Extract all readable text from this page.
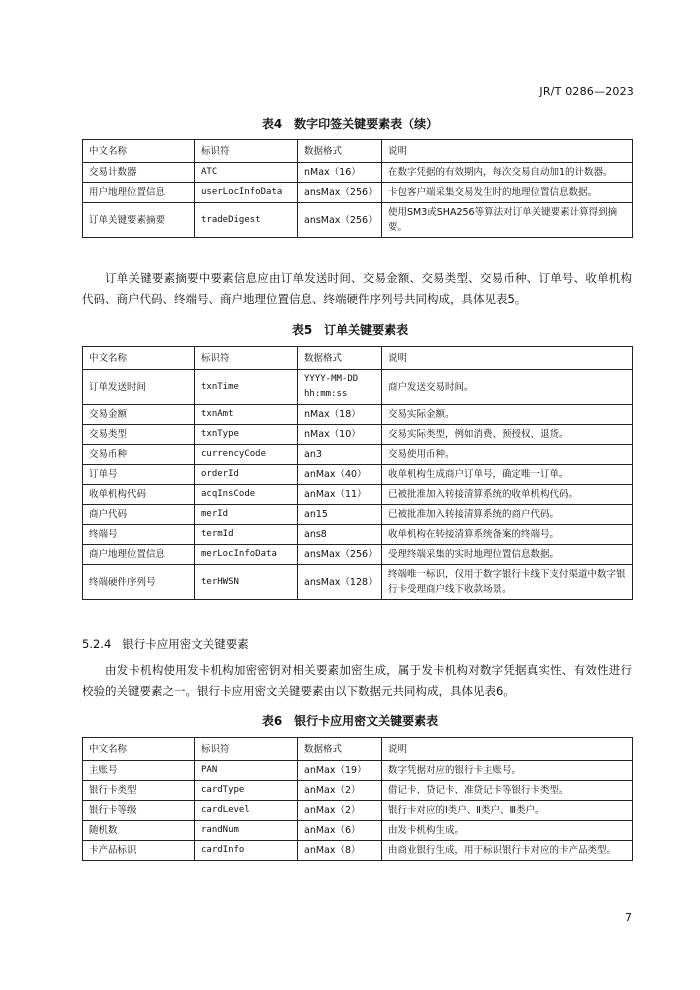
JR/T 0286—2023
表4　数字印签关键要素表（续）
中文名称	标识符	数据格式	说明
交易计数器	ATC	nMax（16）	在数字凭据的有效期内，每次交易自动加1的计数器。
用户地理位置信息	userLocInfoData	ansMax（256）	卡包客户端采集交易发生时的地理位置信息数据。
订单关键要素摘要	tradeDigest	ansMax（256）	使用SM3或SHA256等算法对订单关键要素计算得到摘要。
订单关键要素摘要中要素信息应由订单发送时间、交易金额、交易类型、交易币种、订单号、收单机构代码、商户代码、终端号、商户地理位置信息、终端硬件序列号共同构成，具体见表5。
表5　订单关键要素表
中文名称	标识符	数据格式	说明
订单发送时间	txnTime	YYYY-MM-DD hh:mm:ss	商户发送交易时间。
交易金额	txnAmt	nMax（18）	交易实际金额。
交易类型	txnType	nMax（10）	交易实际类型，例如消费、预授权、退货。
交易币种	currencyCode	an3	交易使用币种。
订单号	orderId	anMax（40）	收单机构生成商户订单号，确定唯一订单。
收单机构代码	acqInsCode	anMax（11）	已被批准加入转接清算系统的收单机构代码。
商户代码	merId	an15	已被批准加入转接清算系统的商户代码。
终端号	termId	ans8	收单机构在转接清算系统备案的终端号。
商户地理位置信息	merLocInfoData	ansMax（256）	受理终端采集的实时地理位置信息数据。
终端硬件序列号	terHWSN	ansMax（128）	终端唯一标识，仅用于数字银行卡线下支付渠道中数字银行卡受理商户线下收款场景。
5.2.4 银行卡应用密文关键要素
由发卡机构使用发卡机构加密密钥对相关要素加密生成，属于发卡机构对数字凭据真实性、有效性进行校验的关键要素之一。银行卡应用密文关键要素由以下数据元共同构成，具体见表6。
表6　银行卡应用密文关键要素表
中文名称	标识符	数据格式	说明
主账号	PAN	anMax（19）	数字凭据对应的银行卡主账号。
银行卡类型	cardType	anMax（2）	借记卡、贷记卡、准贷记卡等银行卡类型。
银行卡等级	cardLevel	anMax（2）	银行卡对应的Ⅰ类户、Ⅱ类户、Ⅲ类户。
随机数	randNum	anMax（6）	由发卡机构生成。
卡产品标识	cardInfo	anMax（8）	由商业银行生成，用于标识银行卡对应的卡产品类型。
7
